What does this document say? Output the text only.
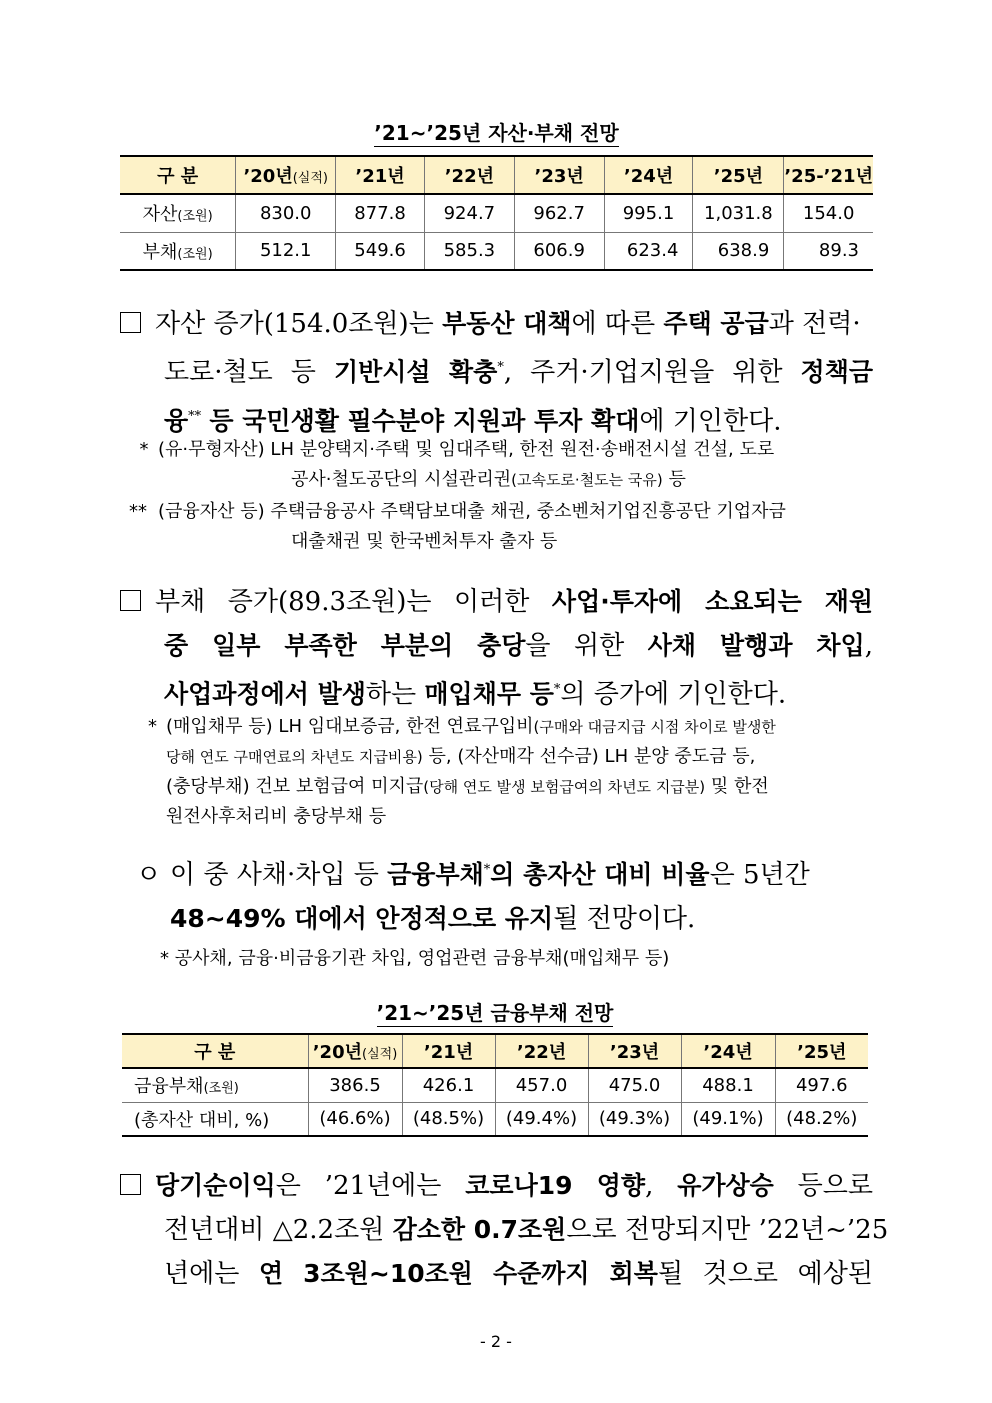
’21~’25년 자산·부채 전망
구 분	’20년(실적)	’21년	’22년	’23년	’24년	’25년	’25-’21년
자산(조원)	830.0	877.8	924.7	962.7	995.1	1,031.8	154.0
부채(조원)	512.1	549.6	585.3	606.9	623.4	638.9	89.3
자산 증가(154.0조원)는 부동산 대책에 따른 주택 공급과 전력·
도로·철도 등 기반시설 확충*, 주거·기업지원을 위한 정책금
융** 등 국민생활 필수분야 지원과 투자 확대에 기인한다.
* (유·무형자산) LH 분양택지·주택 및 임대주택, 한전 원전·송배전시설 건설, 도로
공사·철도공단의 시설관리권(고속도로·철도는 국유) 등
** (금융자산 등) 주택금융공사 주택담보대출 채권, 중소벤처기업진흥공단 기업자금
대출채권 및 한국벤처투자 출자 등
부채 증가(89.3조원)는 이러한 사업·투자에 소요되는 재원
중 일부 부족한 부분의 충당을 위한 사채 발행과 차입,
사업과정에서 발생하는 매입채무 등*의 증가에 기인한다.
* (매입채무 등) LH 임대보증금, 한전 연료구입비(구매와 대금지급 시점 차이로 발생한
당해 연도 구매연료의 차년도 지급비용) 등, (자산매각 선수금) LH 분양 중도금 등,
(충당부채) 건보 보험급여 미지급(당해 연도 발생 보험급여의 차년도 지급분) 및 한전
원전사후처리비 충당부채 등
ㅇ 이 중 사채·차입 등 금융부채*의 총자산 대비 비율은 5년간
48~49% 대에서 안정적으로 유지될 전망이다.
* 공사채, 금융·비금융기관 차입, 영업관련 금융부채(매입채무 등)
’21~’25년 금융부채 전망
구 분	’20년(실적)	’21년	’22년	’23년	’24년	’25년
금융부채(조원)	386.5	426.1	457.0	475.0	488.1	497.6
(총자산 대비, %)	(46.6%)	(48.5%)	(49.4%)	(49.3%)	(49.1%)	(48.2%)
당기순이익은 ’21년에는 코로나19 영향, 유가상승 등으로
전년대비 △2.2조원 감소한 0.7조원으로 전망되지만 ’22년~’25
년에는 연 3조원~10조원 수준까지 회복될 것으로 예상된
- 2 -
